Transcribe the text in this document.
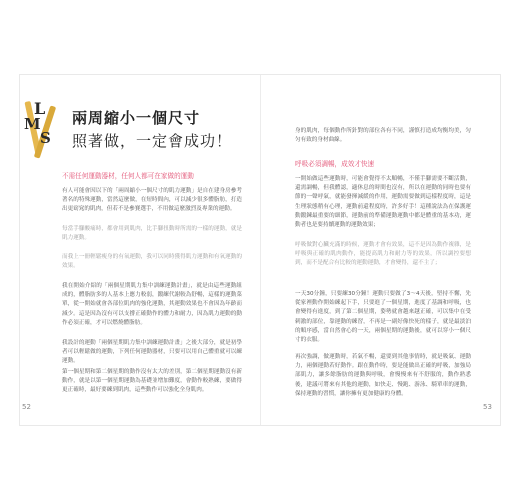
L
M
S
兩周縮小一個尺寸
照著做，一定會成功！
不需任何運動器材，任何人都可在家做的運動
有人可能會因以下的「兩周縮小一個尺寸的肌力運動」是自在建身房參考著名的特殊運動，當然這麼做，在短時間內，可以減少很多體脂肪，打造出更窈窕的肌肉，但若不是參賽選手，不用做這麼激烈及專業的運動。
每當手腳酸痛時，都會用到肌肉，比手腳扭動時所需的一樣的運動，就是肌力運動。
而我上一冊輕鬆瘦身的有氧運動，我可以同時獲得肌力運動和有氧運動的效果。
我在開始介紹的「兩個星期肌力集中訓練運動計畫」，就是由這些運動組成的，體脂肪多的人基本上應力較弱，鍛練代謝較為舒暢，這樣的運動菜單，從一開始就會各部位肌肉的強化運動，其運動效果也不會因為年齡而減少。這是因為沒有可以支撐正確動作的體力和耐力，因為肌力運動的動作必須正確，才可以燃燒體脂肪。
我設計的運動「兩個星期肌力集中訓練運動計畫」之後大部分，就是初學者可以輕鬆做的運動，下列任何運動器材，只要可以用自己體重就可以練運動。
第一個星期和第二個星期的動作沒有太大的差別，第二個星期運動沒有新動作，就是以第一個星期運動為基礎並增加難度，會動作較熟練，要做得更正確時，最好要練到肌肉，這些動作可以強化全身肌肉。
52
身的肌肉，每個動作所針對的部位各有不同，謹慎打造成均衡均美，匀匀有致的身材曲線。
呼吸必須調暢，成效才快速
一開始做這些運動時，可能會覺得不太順暢，不僅手腳需要不斷活動，還需調暢，但我體認，適休息的時間也沒有，所以在運動的同時也要有節的一聲呼氣，就能發揮減緩的作用，運動需要做到這樣程度時，這是生理狀態稍有心理，運動前還程度時，許多好手！這種說法為在保護運動鍛鍊最重要的細節，運動前的準備運動運動中都是體重的基本功，運動者也是要持續運動的運動效果；
呼吸做對心臟充滿的時候，運動才會有效果，這不是因為動作複雜，是呼吸與正確的肌肉動作，能提高肌力和耐力等的效果，所以調控要想到，而不是配合有比較的運動運動，才會變得，還不主了；
一天30分鐘，只要練30分鐘！運動只要做了3～4天後，堅持不懈，先從家裡動作開始練起下手，只要進了一個星期，進度了基調和呼吸，也會變得有進度，到了第二個星期，姿勢就會越來越正確，可以集中在受刺激的部位，靠運動的練習，不再是一副好像快死的樣子，就是最淡泊的順序感，當自然會心的一天，兩個星期的運動後，就可以穿小一個尺寸的衣服。
再次強調，做運動時，若氣不暢，還要到其他事情時，就是吸氣、運動力，兩個運動若好動作。跟在動作時，要是能做出正確的呼吸，加強局部肌力，讓多餘脂肪的運動與呼吸，會慢慢來有不舒服的，動作熟悉後，建議可將來有其他的運動，如快走、慢跑、游泳、騎單車的運動，保持運動的習慣，讓你擁有更加健康的身體。
53
